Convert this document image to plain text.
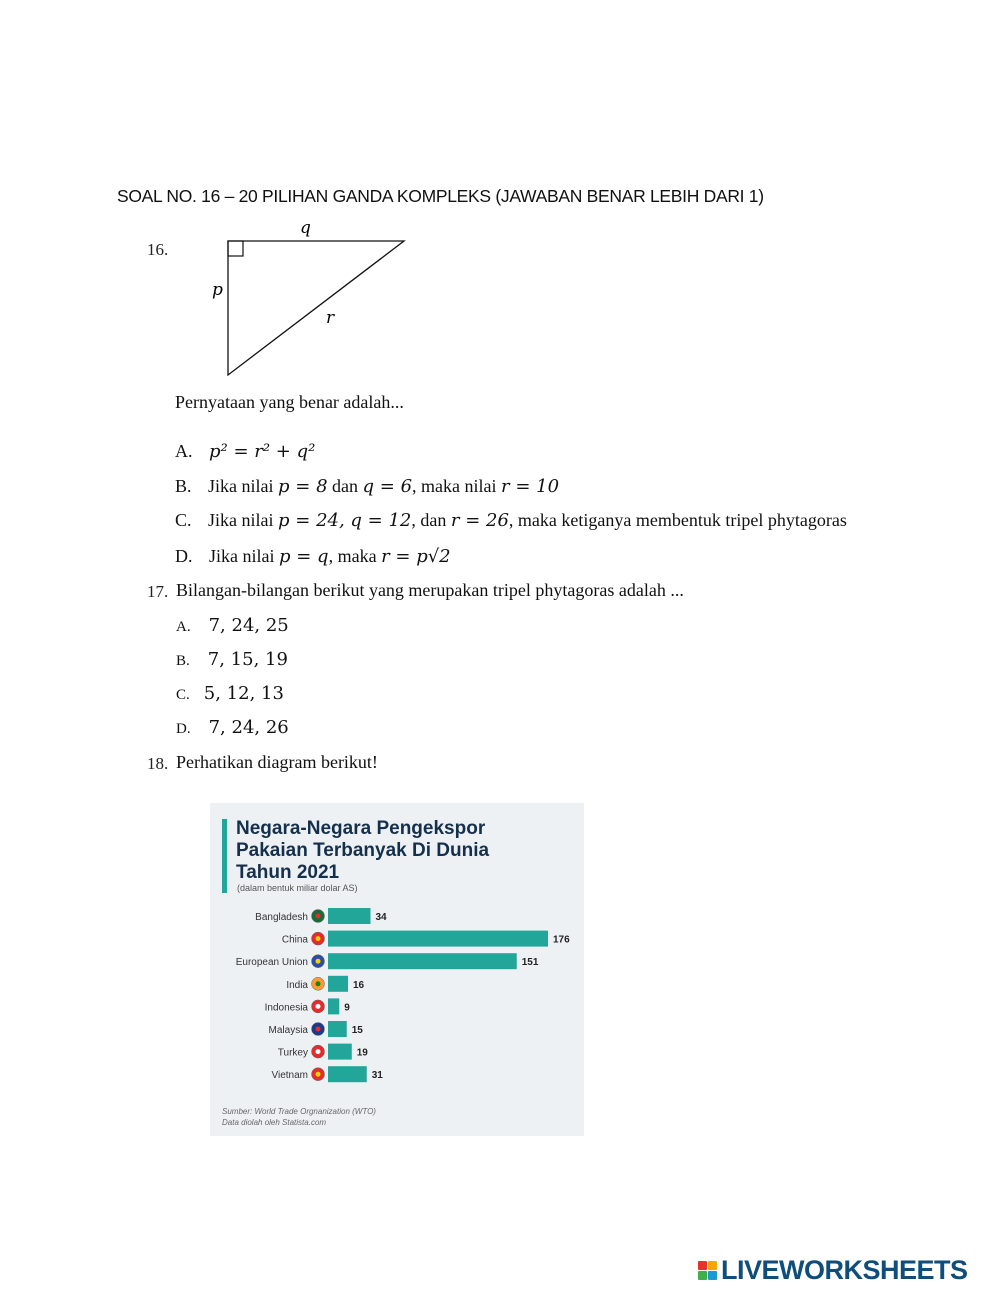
SOAL NO. 16 – 20 PILIHAN GANDA KOMPLEKS (JAWABAN BENAR LEBIH DARI 1)
16.
q
p
r
Pernyataan yang benar adalah...
A. p² = r² + q²
B. Jika nilai p = 8 dan q = 6, maka nilai r = 10
C. Jika nilai p = 24, q = 12, dan r = 26, maka ketiganya membentuk tripel phytagoras
D. Jika nilai p = q, maka r = p√2
17. Bilangan-bilangan berikut yang merupakan tripel phytagoras adalah ...
A. 7, 24, 25
B. 7, 15, 19
C. 5, 12, 13
D. 7, 24, 26
18. Perhatikan diagram berikut!
Negara-Negara Pengekspor
Pakaian Terbanyak Di Dunia
Tahun 2021
(dalam bentuk miliar dolar AS)
Bangladesh	34
China	176
European Union	151
India	16
Indonesia	9
Malaysia	15
Turkey	19
Vietnam	31
Sumber: World Trade Orgnanization (WTO)
Data diolah oleh Statista.com
LIVEWORKSHEETS
